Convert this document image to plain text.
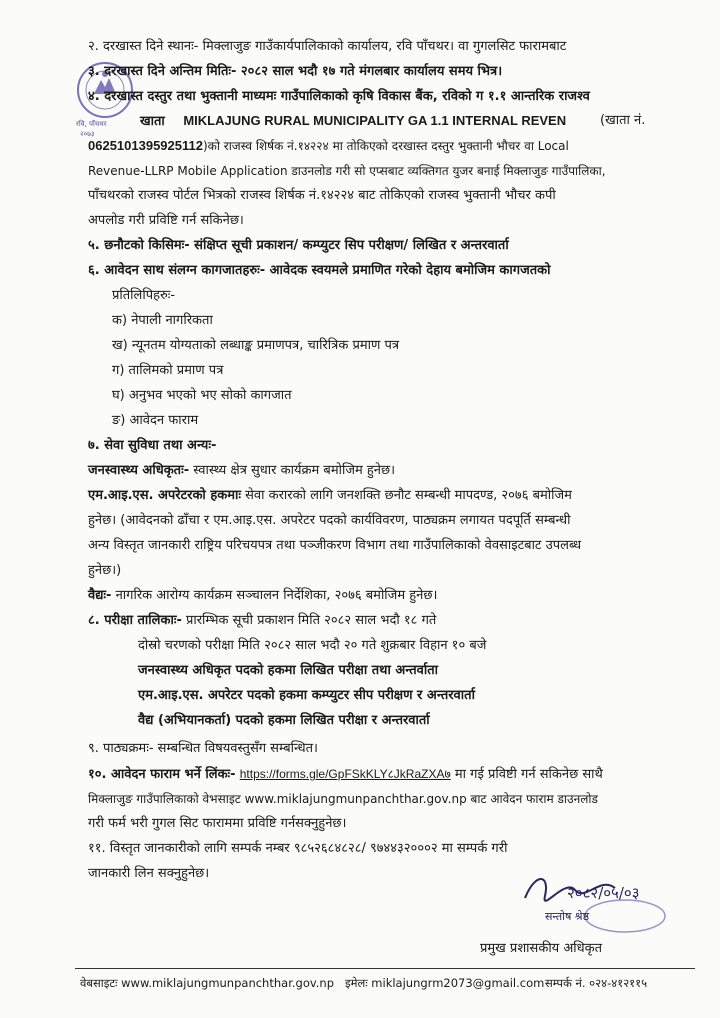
रवि, पाँचथर
२०७३
२. दरखास्त दिने स्थानः- मिक्लाजुङ गाउँकार्यपालिकाको कार्यालय, रवि पाँचथर। वा गुगलसिट फारामबाट
३. दरखास्त दिने अन्तिम मितिः- २०८२ साल भदौ १७ गते मंगलबार कार्यालय समय भित्र।
४. दरखास्त दस्तुर तथा भुक्तानी माध्यमः गाउँपालिकाको कृषि विकास बैंक, रविको ग १.१ आन्तरिक राजश्व
खाता MIKLAJUNG RURAL MUNICIPALITY GA 1.1 INTERNAL REVEN	(खाता नं.
0625101395925112)को राजस्व शिर्षक नं.१४२२४ मा तोकिएको दरखास्त दस्तुर भुक्तानी भौचर वा Local
Revenue-LLRP Mobile Application डाउनलोड गरी सो एप्सबाट व्यक्तिगत युजर बनाई मिक्लाजुङ गाउँपालिका,
पाँचथरको राजस्व पोर्टल भित्रको राजस्व शिर्षक नं.१४२२४ बाट तोकिएको राजस्व भुक्तानी भौचर कपी
अपलोड गरी प्रविष्टि गर्न सकिनेछ।
५. छनौटको किसिमः- संक्षिप्त सूची प्रकाशन/ कम्प्युटर सिप परीक्षण/ लिखित र अन्तरवार्ता
६. आवेदन साथ संलग्न कागजातहरुः- आवेदक स्वयमले प्रमाणित गरेको देहाय बमोजिम कागजतको
प्रतिलिपिहरुः-
क) नेपाली नागरिकता
ख) न्यूनतम योग्यताको लब्धाङ्क प्रमाणपत्र, चारित्रिक प्रमाण पत्र
ग) तालिमको प्रमाण पत्र
घ) अनुभव भएको भए सोको कागजात
ङ) आवेदन फाराम
७. सेवा सुविधा तथा अन्यः-
जनस्वास्थ्य अधिकृतः- स्वास्थ्य क्षेत्र सुधार कार्यक्रम बमोजिम हुनेछ।
एम.आइ.एस. अपरेटरको हकमाः सेवा करारको लागि जनशक्ति छनौट सम्बन्धी मापदण्ड, २०७६ बमोजिम
हुनेछ। (आवेदनको ढाँचा र एम.आइ.एस. अपरेटर पदको कार्यविवरण, पाठ्यक्रम लगायत पदपूर्ति सम्बन्धी
अन्य विस्तृत जानकारी राष्ट्रिय परिचयपत्र तथा पञ्जीकरण विभाग तथा गाउँपालिकाको वेवसाइटबाट उपलब्ध
हुनेछ।)
वैद्यः- नागरिक आरोग्य कार्यक्रम सञ्चालन निर्देशिका, २०७६ बमोजिम हुनेछ।
८. परीक्षा तालिकाः- प्रारम्भिक सूची प्रकाशन मिति २०८२ साल भदौ १८ गते
दोस्रो चरणको परीक्षा मिति २०८२ साल भदौ २० गते शुक्रबार विहान १० बजे
जनस्वास्थ्य अधिकृत पदको हकमा लिखित परीक्षा तथा अन्तर्वाता
एम.आइ.एस. अपरेटर पदको हकमा कम्प्युटर सीप परीक्षण र अन्तरवार्ता
वैद्य (अभियानकर्ता) पदको हकमा लिखित परीक्षा र अन्तरवार्ता
९. पाठ्यक्रमः- सम्बन्धित विषयवस्तुसँग सम्बन्धित।
१०. आवेदन फाराम भर्ने लिंकः- https://forms.gle/GpFSkKLY८JkRaZXA७ मा गई प्रविष्टी गर्न सकिनेछ साथै
मिक्लाजुङ गाउँपालिकाको वेभसाइट www.miklajungmunpanchthar.gov.np बाट आवेदन फाराम डाउनलोड
गरी फर्म भरी गुगल सिट फाराममा प्रविष्टि गर्नसक्नुहुनेछ।
११. विस्तृत जानकारीको लागि सम्पर्क नम्बर ९८५२६८४८२८/ ९७४४३२०००२ मा सम्पर्क गरी
जानकारी लिन सक्नुहुनेछ।
२०८२/०५/०३
सन्तोष श्रेष्ठ
प्रमुख प्रशासकीय अधिकृत
वेबसाइटः www.miklajungmunpanchthar.gov.np इमेलः miklajungrm2073@gmail.com सम्पर्क नं. ०२४-४१२११५
